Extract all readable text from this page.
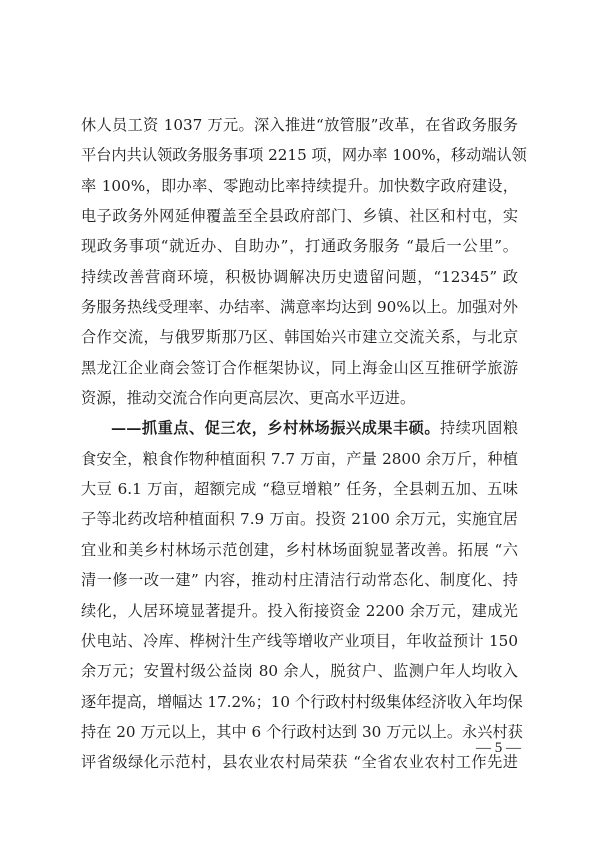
休人员工资 1037 万元。深入推进“放管服”改革，在省政务服务
平台内共认领政务服务事项 2215 项，网办率 100%，移动端认领
率 100%，即办率、零跑动比率持续提升。加快数字政府建设，
电子政务外网延伸覆盖至全县政府部门、乡镇、社区和村屯，实
现政务事项“就近办、自助办”，打通政务服务 “最后一公里”。
持续改善营商环境，积极协调解决历史遗留问题，“12345” 政
务服务热线受理率、办结率、满意率均达到 90%以上。加强对外
合作交流，与俄罗斯那乃区、韩国始兴市建立交流关系，与北京
黑龙江企业商会签订合作框架协议，同上海金山区互推研学旅游
资源，推动交流合作向更高层次、更高水平迈进。
——抓重点、促三农，乡村林场振兴成果丰硕。持续巩固粮
食安全，粮食作物种植面积 7.7 万亩，产量 2800 余万斤，种植
大豆 6.1 万亩，超额完成 “稳豆增粮” 任务，全县刺五加、五味
子等北药改培种植面积 7.9 万亩。投资 2100 余万元，实施宜居
宜业和美乡村林场示范创建，乡村林场面貌显著改善。拓展 “六
清一修一改一建” 内容，推动村庄清洁行动常态化、制度化、持
续化，人居环境显著提升。投入衔接资金 2200 余万元，建成光
伏电站、冷库、桦树汁生产线等增收产业项目，年收益预计 150
余万元；安置村级公益岗 80 余人，脱贫户、监测户年人均收入
逐年提高，增幅达 17.2%；10 个行政村村级集体经济收入年均保
持在 20 万元以上，其中 6 个行政村达到 30 万元以上。永兴村获
评省级绿化示范村，县农业农村局荣获 “全省农业农村工作先进
— 5 —
